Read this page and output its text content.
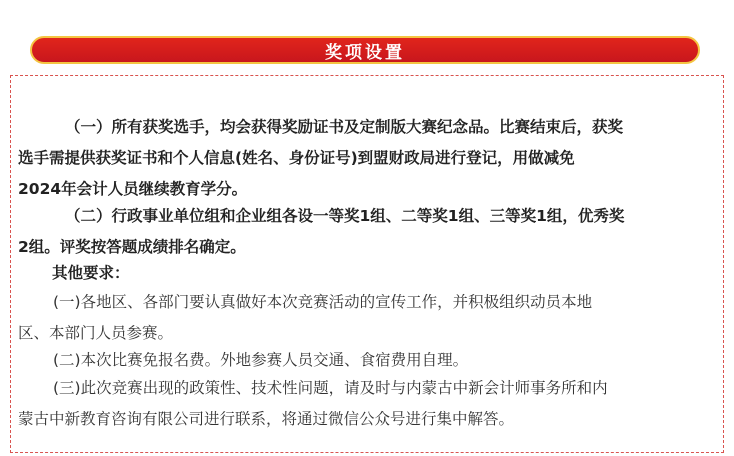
奖项设置
（一）所有获奖选手，均会获得奖励证书及定制版大赛纪念品。比赛结束后，获奖
选手需提供获奖证书和个人信息(姓名、身份证号)到盟财政局进行登记，用做减免
2024年会计人员继续教育学分。
（二）行政事业单位组和企业组各设一等奖1组、二等奖1组、三等奖1组，优秀奖
2组。评奖按答题成绩排名确定。
其他要求：
(一)各地区、各部门要认真做好本次竞赛活动的宣传工作，并积极组织动员本地
区、本部门人员参赛。
(二)本次比赛免报名费。外地参赛人员交通、食宿费用自理。
(三)此次竞赛出现的政策性、技术性问题，请及时与内蒙古中新会计师事务所和内
蒙古中新教育咨询有限公司进行联系，将通过微信公众号进行集中解答。
